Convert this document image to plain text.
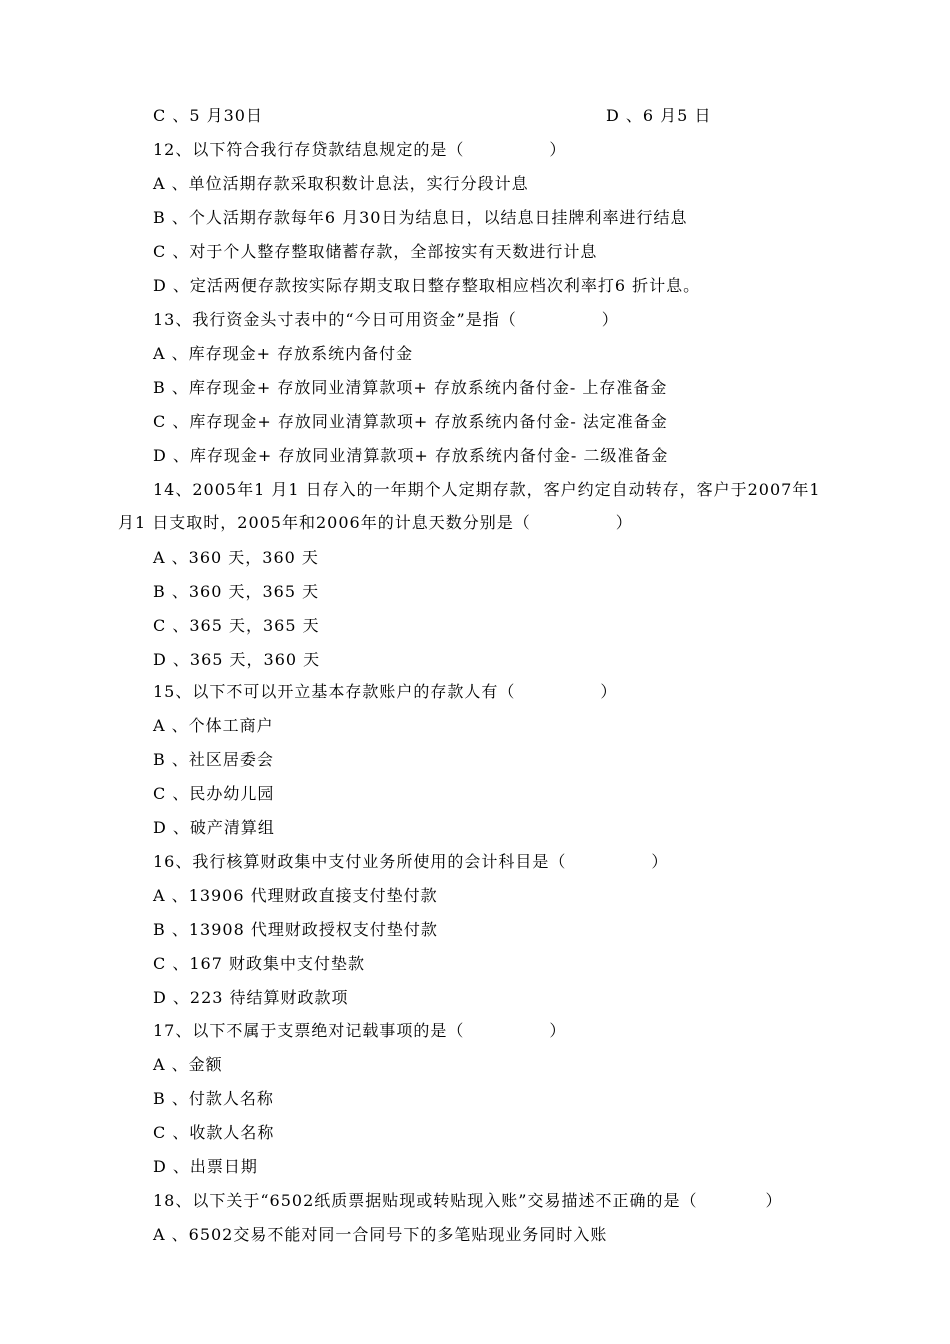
C 、5 月30日	D 、6 月5 日
12、以下符合我行存贷款结息规定的是（　　　　　）
A 、单位活期存款采取积数计息法，实行分段计息
B 、个人活期存款每年6 月30日为结息日，以结息日挂牌利率进行结息
C 、对于个人整存整取储蓄存款，全部按实有天数进行计息
D 、定活两便存款按实际存期支取日整存整取相应档次利率打6 折计息。
13、我行资金头寸表中的“今日可用资金”是指（　　　　　）
A 、库存现金+ 存放系统内备付金
B 、库存现金+ 存放同业清算款项+ 存放系统内备付金- 上存准备金
C 、库存现金+ 存放同业清算款项+ 存放系统内备付金- 法定准备金
D 、库存现金+ 存放同业清算款项+ 存放系统内备付金- 二级准备金
14、2005年1 月1 日存入的一年期个人定期存款，客户约定自动转存，客户于2007年1
月1 日支取时，2005年和2006年的计息天数分别是（　　　　　）
A 、360 天，360 天
B 、360 天，365 天
C 、365 天，365 天
D 、365 天，360 天
15、以下不可以开立基本存款账户的存款人有（　　　　　）
A 、个体工商户
B 、社区居委会
C 、民办幼儿园
D 、破产清算组
16、我行核算财政集中支付业务所使用的会计科目是（　　　　　）
A 、13906 代理财政直接支付垫付款
B 、13908 代理财政授权支付垫付款
C 、167 财政集中支付垫款
D 、223 待结算财政款项
17、以下不属于支票绝对记载事项的是（　　　　　）
A 、金额
B 、付款人名称
C 、收款人名称
D 、出票日期
18、以下关于“6502纸质票据贴现或转贴现入账”交易描述不正确的是（　　　　）
A 、6502交易不能对同一合同号下的多笔贴现业务同时入账
